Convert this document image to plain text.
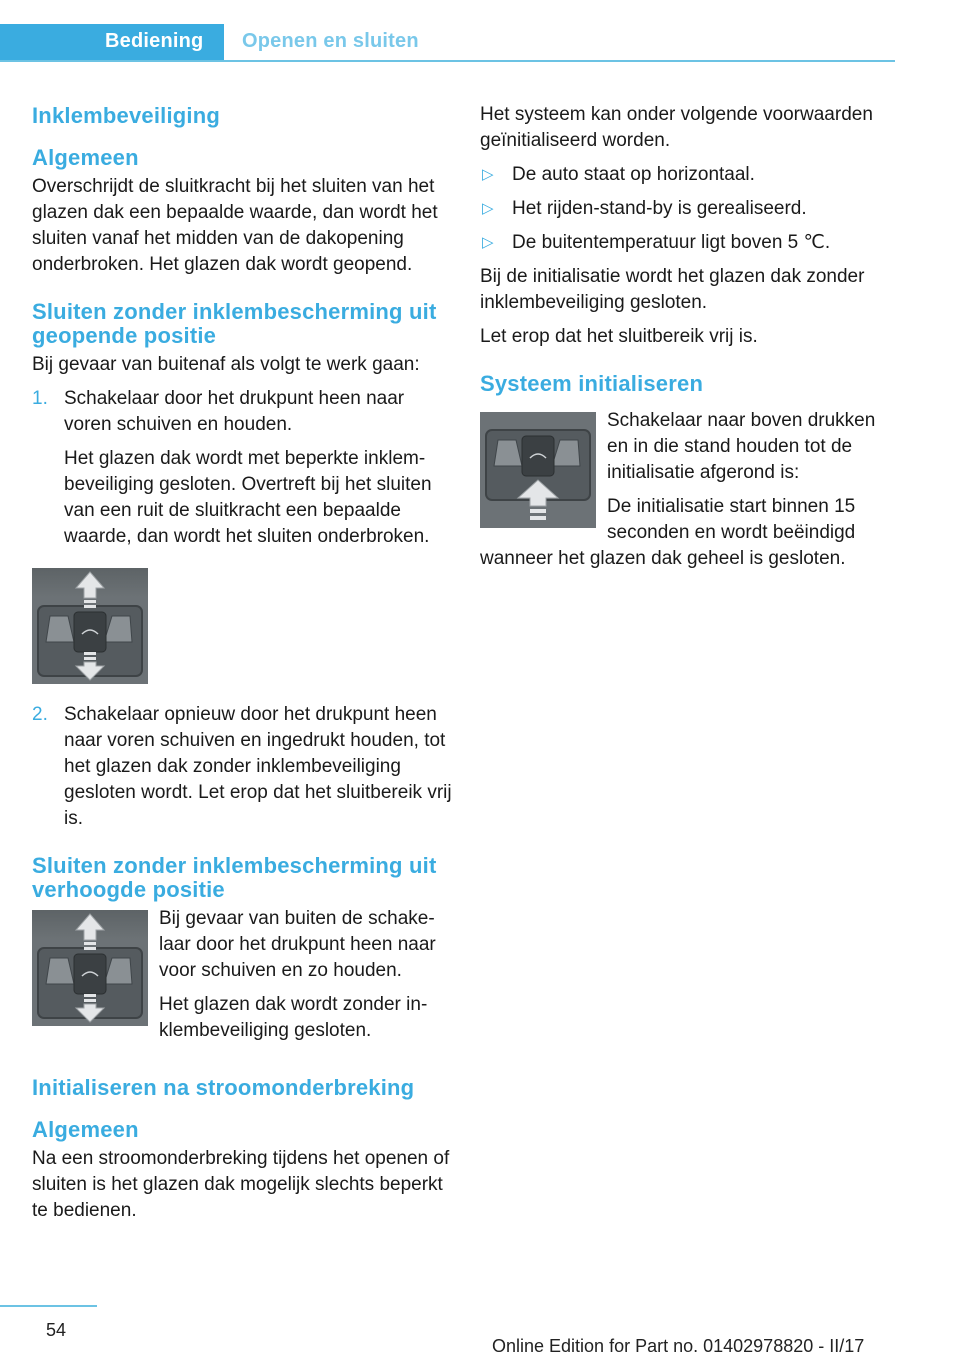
Bediening	Openen en sluiten
Inklembeveiliging
Algemeen

Overschrijdt de sluitkracht bij het sluiten van het glazen dak een bepaalde waarde, dan wordt het sluiten vanaf het midden van de dakopening onderbroken. Het glazen dak wordt geopend.

Sluiten zonder inklembescherming uit geopende positie

Bij gevaar van buitenaf als volgt te werk gaan:

1. Schakelaar door het drukpunt heen naar voren schuiven en houden.

Het glazen dak wordt met beperkte inklembeveiliging gesloten. Overtreft bij het sluiten van een ruit de sluitkracht een bepaalde waarde, dan wordt het sluiten onderbroken.

2. Schakelaar opnieuw door het drukpunt heen naar voren schuiven en ingedrukt houden, tot het glazen dak zonder inklembeveiliging gesloten wordt. Let erop dat het sluitbereik vrij is.
Sluiten zonder inklembescherming uit verhoogde positie

Bij gevaar van buiten de schakelaar door het drukpunt heen naar voor schuiven en zo houden.

Het glazen dak wordt zonder inklembeveiliging gesloten.

Initialiseren na stroomonderbreking
Algemeen

Na een stroomonderbreking tijdens het openen of sluiten is het glazen dak mogelijk slechts beperkt te bedienen.

Het systeem kan onder volgende voorwaarden geïnitialiseerd worden.

▷ De auto staat op horizontaal.
▷ Het rijden-stand-by is gerealiseerd.
▷ De buitentemperatuur ligt boven 5 ℃.

Bij de initialisatie wordt het glazen dak zonder inklembeveiliging gesloten.

Let erop dat het sluitbereik vrij is.

Systeem initialiseren

Schakelaar naar boven drukken en in die stand houden tot de initialisatie afgerond is:

De initialisatie start binnen 15 seconden en wordt beëindigd wanneer het glazen dak geheel is gesloten.

54
Online Edition for Part no. 01402978820 - II/17
